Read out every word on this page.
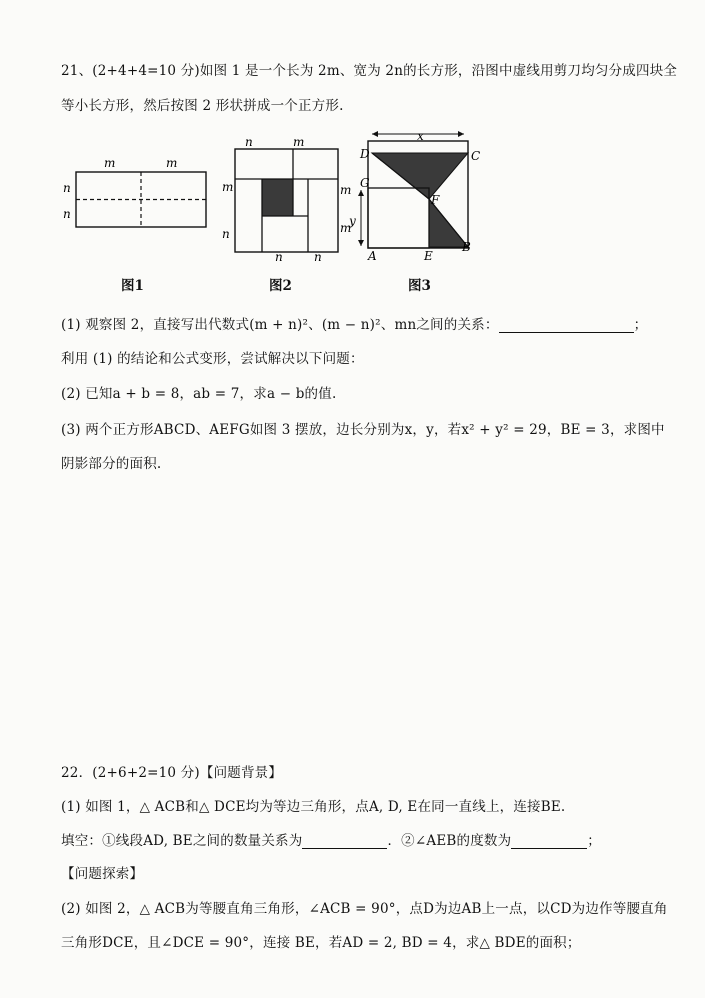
21、(2+4+4=10 分)如图 1 是一个长为 2m、宽为 2n的长方形，沿图中虚线用剪刀均匀分成四块全
等小长方形，然后按图 2 形状拼成一个正方形.
m	m
n
n
图1
n	m
m
n
n
m
m
n
图2
x
y
D	C
G
F
A	E
B
图3
(1) 观察图 2，直接写出代数式(m + n)²、(m − n)²、mn之间的关系：	；
利用 (1) 的结论和公式变形，尝试解决以下问题：
(2) 已知a + b = 8，ab = 7，求a − b的值.
(3) 两个正方形ABCD、AEFG如图 3 摆放，边长分别为x，y，若x² + y² = 29，BE = 3，求图中
阴影部分的面积.
22．(2+6+2=10 分)【问题背景】
(1) 如图 1，△ ACB和△ DCE均为等边三角形，点A, D, E在同一直线上，连接BE.
填空：①线段AD, BE之间的数量关系为	．②∠AEB的度数为	；
【问题探索】
(2) 如图 2，△ ACB为等腰直角三角形，∠ACB = 90°，点D为边AB上一点，以CD为边作等腰直角
三角形DCE，且∠DCE = 90°，连接 BE，若AD = 2, BD = 4，求△ BDE的面积；
